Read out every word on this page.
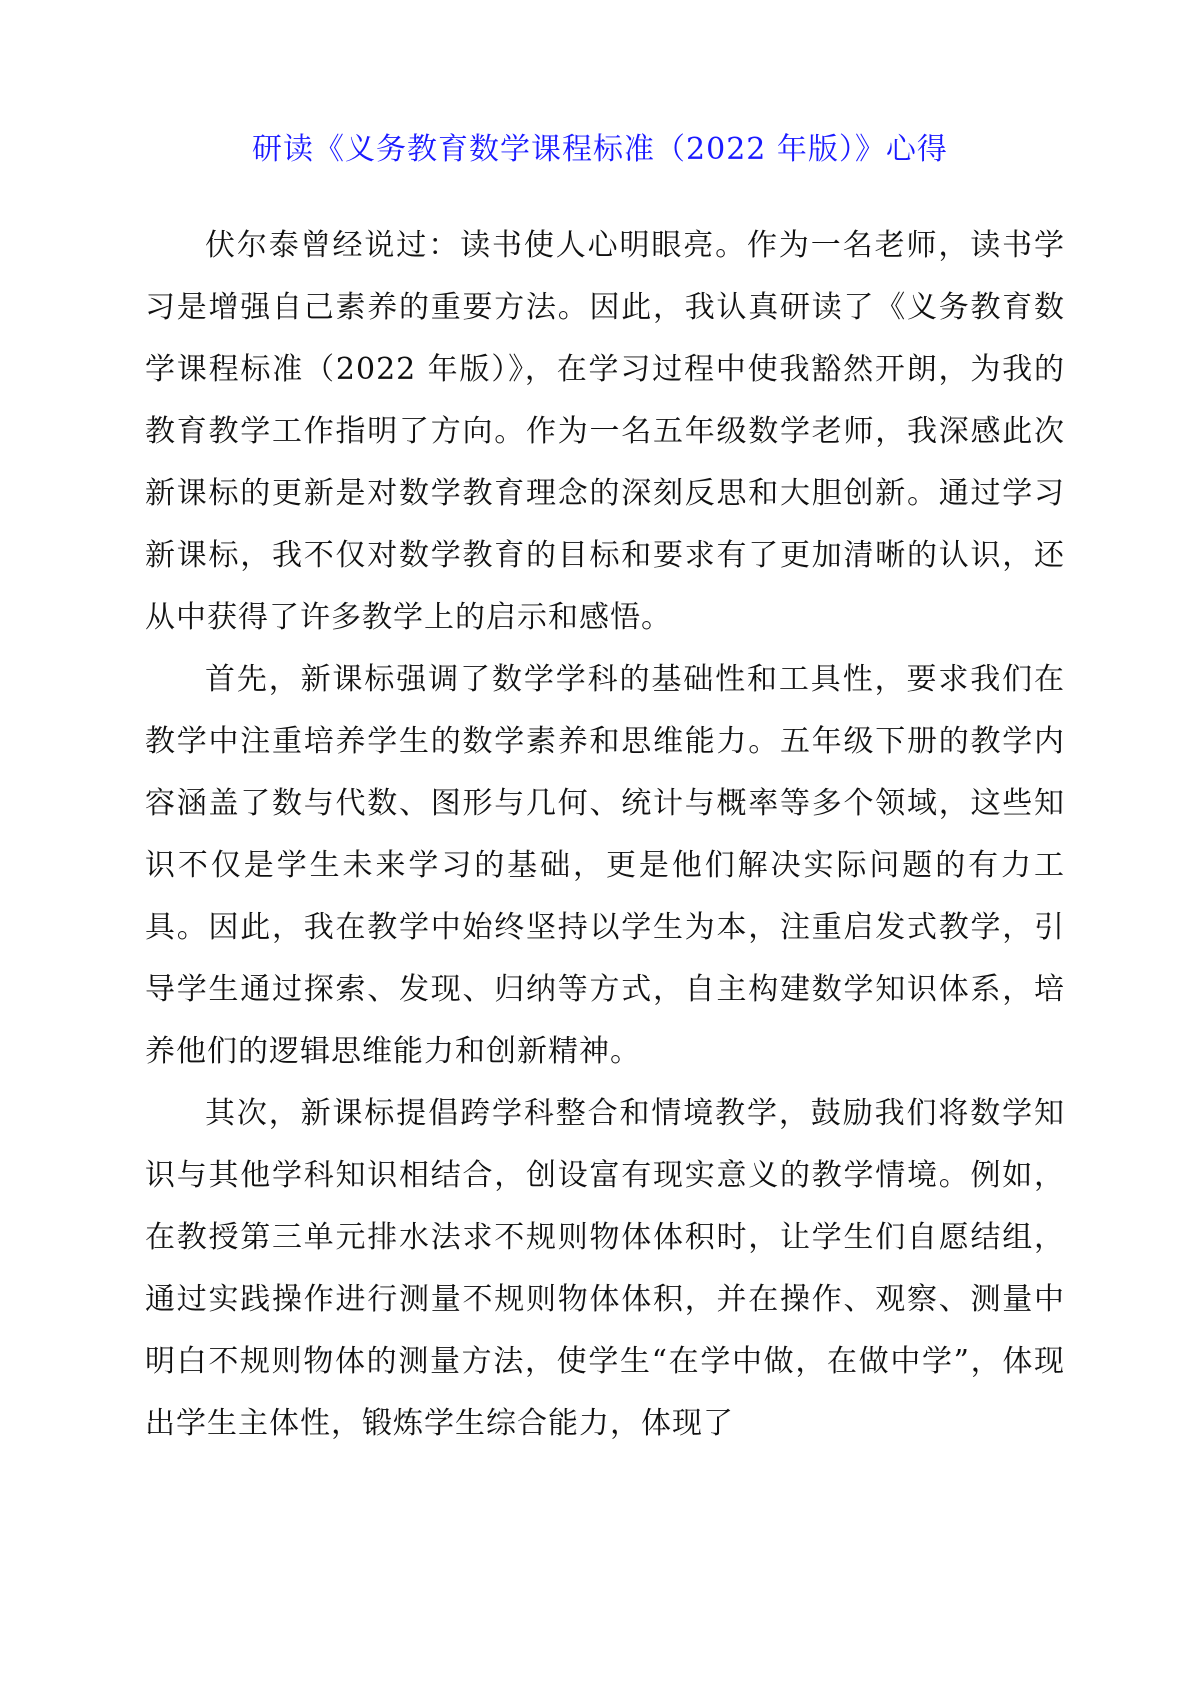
研读《义务教育数学课程标准（2022 年版）》心得

伏尔泰曾经说过：读书使人心明眼亮。作为一名老师，读书学习是增强自己素养的重要方法。因此，我认真研读了《义务教育数学课程标准（2022 年版）》，在学习过程中使我豁然开朗，为我的教育教学工作指明了方向。作为一名五年级数学老师，我深感此次新课标的更新是对数学教育理念的深刻反思和大胆创新。通过学习新课标，我不仅对数学教育的目标和要求有了更加清晰的认识，还从中获得了许多教学上的启示和感悟。

首先，新课标强调了数学学科的基础性和工具性，要求我们在教学中注重培养学生的数学素养和思维能力。五年级下册的教学内容涵盖了数与代数、图形与几何、统计与概率等多个领域，这些知识不仅是学生未来学习的基础，更是他们解决实际问题的有力工具。因此，我在教学中始终坚持以学生为本，注重启发式教学，引导学生通过探索、发现、归纳等方式，自主构建数学知识体系，培养他们的逻辑思维能力和创新精神。

其次，新课标提倡跨学科整合和情境教学，鼓励我们将数学知识与其他学科知识相结合，创设富有现实意义的教学情境。例如，在教授第三单元排水法求不规则物体体积时，让学生们自愿结组，通过实践操作进行测量不规则物体体积，并在操作、观察、测量中明白不规则物体的测量方法，使学生“在学中做，在做中学”，体现出学生主体性，锻炼学生综合能力，体现了
